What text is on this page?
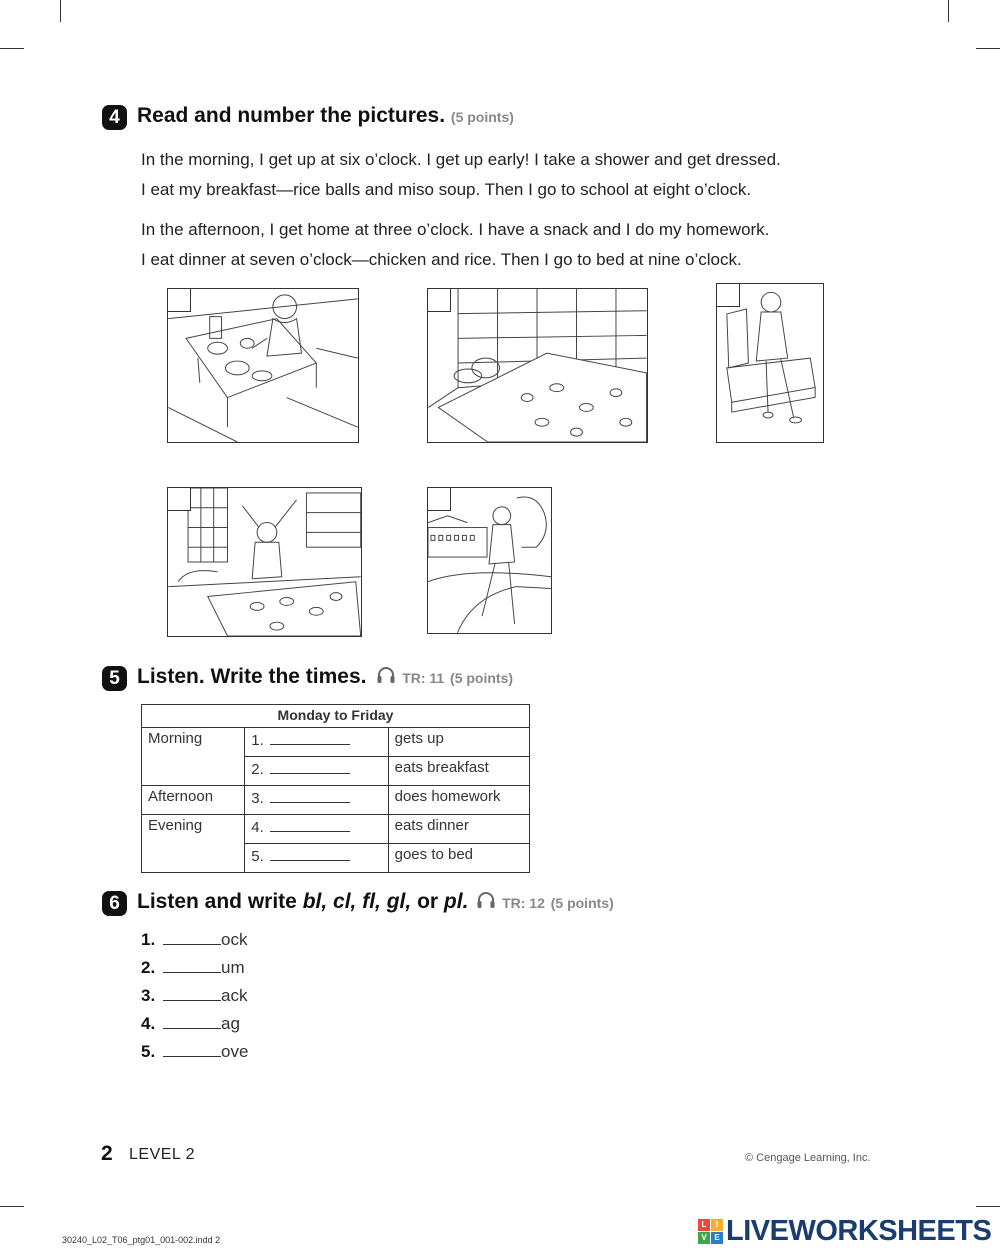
4 Read and number the pictures. (5 points)
In the morning, I get up at six o’clock. I get up early! I take a shower and get dressed.
I eat my breakfast—rice balls and miso soup. Then I go to school at eight o’clock.
In the afternoon, I get home at three o’clock. I have a snack and I do my homework.
I eat dinner at seven o’clock—chicken and rice. Then I go to bed at nine o’clock.
5 Listen. Write the times.	TR: 11 (5 points)
Monday to Friday		
Morning	1.	gets up
	2.	eats breakfast
Afternoon	3.	does homework
Evening	4.	eats dinner
	5.	goes to bed
6 Listen and write bl, cl, fl, gl, or pl. TR: 12 (5 points)
1.	ock
2.	um
3.	ack
4.	ag
5.	ove
2 LEVEL 2	© Cengage Learning, Inc.
30240_L02_T06_ptg01_001-002.indd 2
L	I
V E LIVEWORKSHEETS
